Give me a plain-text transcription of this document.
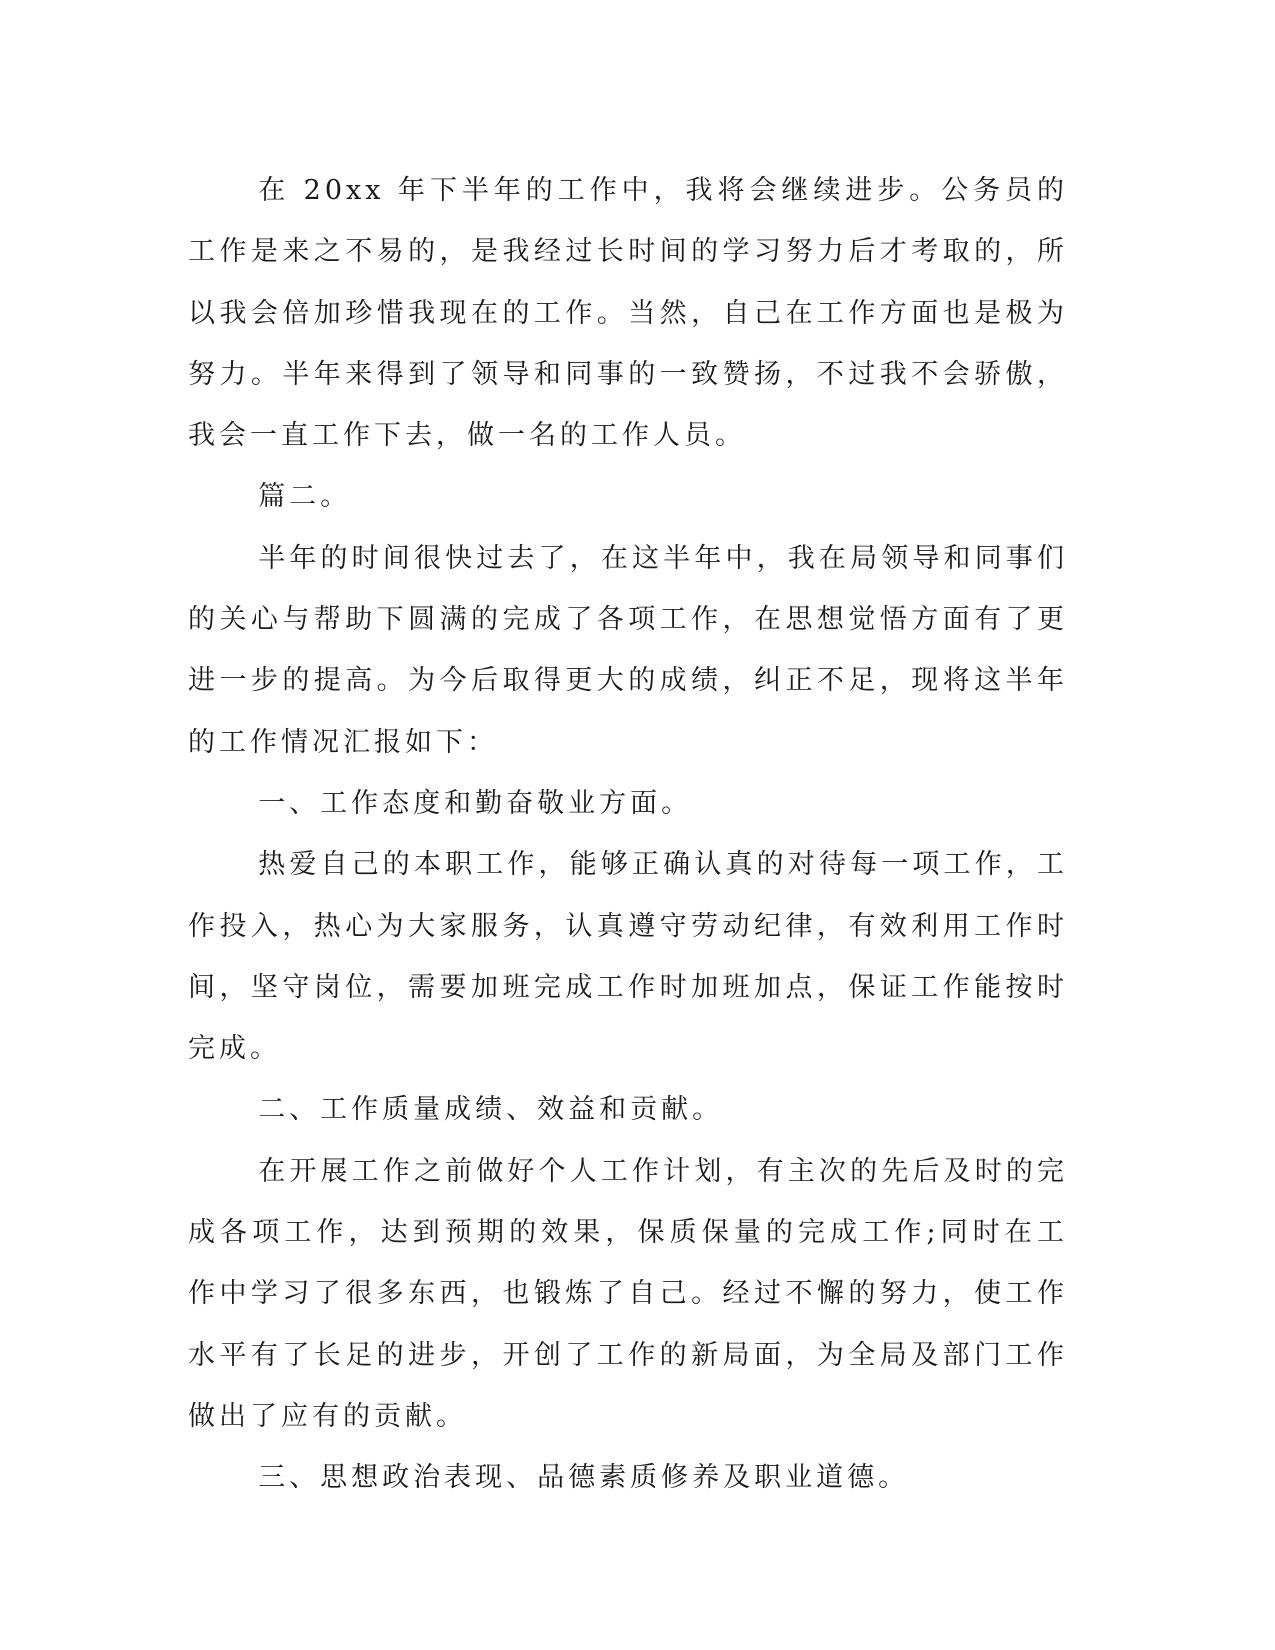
在 20xx 年下半年的工作中，我将会继续进步。公务员的工作是来之不易的，是我经过长时间的学习努力后才考取的，所以我会倍加珍惜我现在的工作。当然，自己在工作方面也是极为努力。半年来得到了领导和同事的一致赞扬，不过我不会骄傲，我会一直工作下去，做一名的工作人员。

篇二。

半年的时间很快过去了，在这半年中，我在局领导和同事们的关心与帮助下圆满的完成了各项工作，在思想觉悟方面有了更进一步的提高。为今后取得更大的成绩，纠正不足，现将这半年的工作情况汇报如下：

一、工作态度和勤奋敬业方面。

热爱自己的本职工作，能够正确认真的对待每一项工作，工作投入，热心为大家服务，认真遵守劳动纪律，有效利用工作时间，坚守岗位，需要加班完成工作时加班加点，保证工作能按时完成。

二、工作质量成绩、效益和贡献。

在开展工作之前做好个人工作计划，有主次的先后及时的完成各项工作，达到预期的效果，保质保量的完成工作;同时在工作中学习了很多东西，也锻炼了自己。经过不懈的努力，使工作水平有了长足的进步，开创了工作的新局面，为全局及部门工作做出了应有的贡献。

三、思想政治表现、品德素质修养及职业道德。
